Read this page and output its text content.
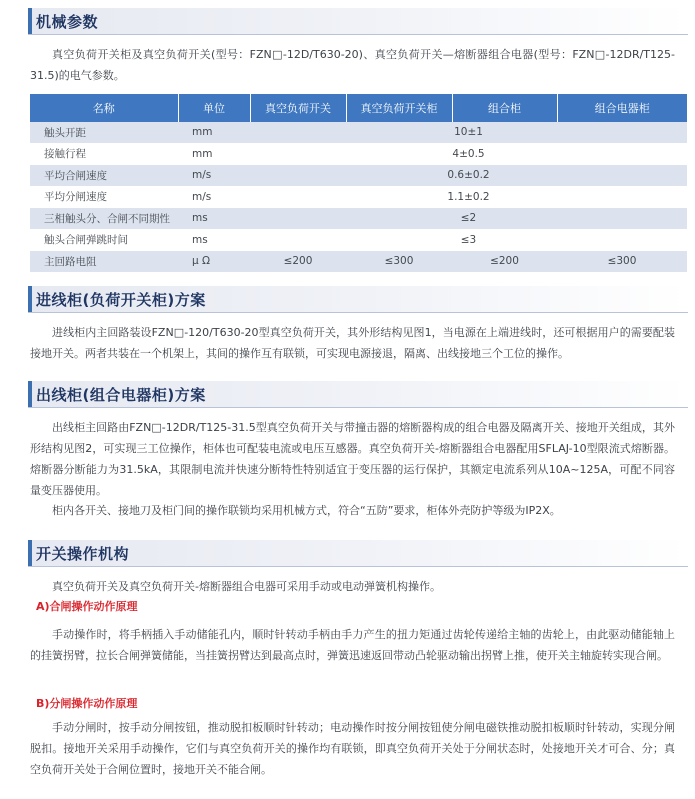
机械参数
真空负荷开关柜及真空负荷开关(型号：FZN□-12D/T630-20)、真空负荷开关—熔断器组合电器(型号：FZN□-12DR/T125-31.5)的电气参数。
名称	单位	真空负荷开关	真空负荷开关柜	组合柜	组合电器柜
触头开距	mm	10±1			
接触行程	mm	4±0.5			
平均合闸速度	m/s	0.6±0.2			
平均分闸速度	m/s	1.1±0.2			
三相触头分、合闸不同期性	ms	≤2			
触头合闸弹跳时间	ms	≤3			
主回路电阻	μ Ω	≤200	≤300	≤200	≤300
进线柜(负荷开关柜)方案
进线柜内主回路装设FZN□-120/T630-20型真空负荷开关，其外形结构见图1，当电源在上端进线时，还可根据用户的需要配装接地开关。两者共装在一个机架上，其间的操作互有联锁，可实现电源接退，隔离、出线接地三个工位的操作。
出线柜(组合电器柜)方案
出线柜主回路由FZN□-12DR/T125-31.5型真空负荷开关与带撞击器的熔断器构成的组合电器及隔离开关、接地开关组成，其外形结构见图2，可实现三工位操作，柜体也可配装电流或电压互感器。真空负荷开关-熔断器组合电器配用SFLAJ-10型限流式熔断器。熔断器分断能力为31.5kA，其限制电流并快速分断特性特别适宜于变压器的运行保护，其额定电流系列从10A~125A，可配不同容量变压器使用。
柜内各开关、接地刀及柜门间的操作联锁均采用机械方式，符合“五防”要求，柜体外壳防护等级为IP2X。
开关操作机构
真空负荷开关及真空负荷开关-熔断器组合电器可采用手动或电动弹簧机构操作。
A)合闸操作动作原理
手动操作时，将手柄插入手动储能孔内，顺时针转动手柄由手力产生的扭力矩通过齿轮传递给主轴的齿轮上，由此驱动储能轴上的挂簧拐臂，拉长合闸弹簧储能，当挂簧拐臂达到最高点时，弹簧迅速返回带动凸轮驱动输出拐臂上推，使开关主轴旋转实现合闸。
B)分闸操作动作原理
手动分闸时，按手动分闸按钮，推动脱扣板顺时针转动；电动操作时按分闸按钮使分闸电磁铁推动脱扣板顺时针转动，实现分闸脱扣。接地开关采用手动操作，它们与真空负荷开关的操作均有联锁，即真空负荷开关处于分闸状态时，处接地开关才可合、分；真空负荷开关处于合闸位置时，接地开关不能合闸。
